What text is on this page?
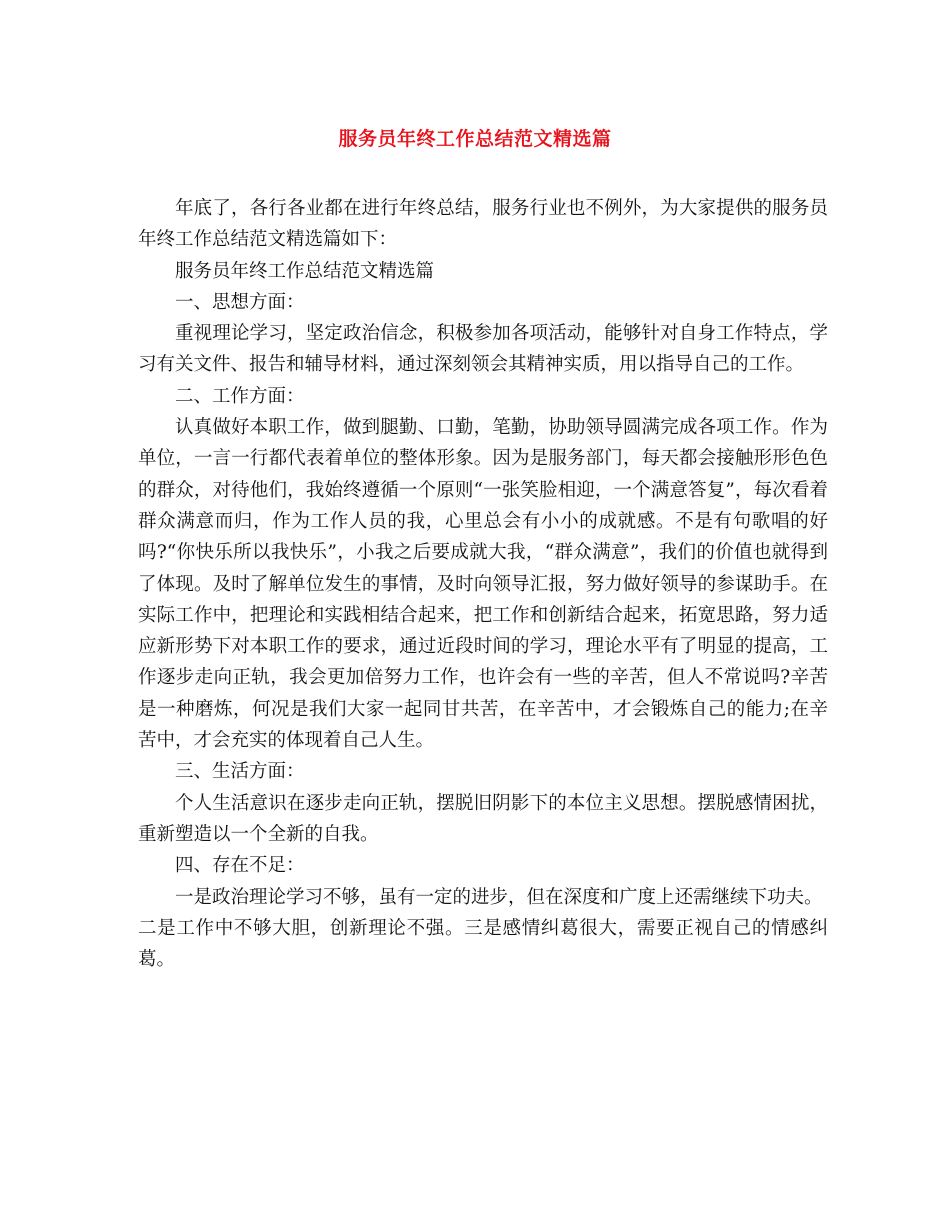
服务员年终工作总结范文精选篇

年底了，各行各业都在进行年终总结，服务行业也不例外，为大家提供的服务员年终工作总结范文精选篇如下：

服务员年终工作总结范文精选篇

一、思想方面：

重视理论学习，坚定政治信念，积极参加各项活动，能够针对自身工作特点，学习有关文件、报告和辅导材料，通过深刻领会其精神实质，用以指导自己的工作。

二、工作方面：

认真做好本职工作，做到腿勤、口勤，笔勤，协助领导圆满完成各项工作。作为单位，一言一行都代表着单位的整体形象。因为是服务部门，每天都会接触形形色色的群众，对待他们，我始终遵循一个原则“一张笑脸相迎，一个满意答复”，每次看着群众满意而归，作为工作人员的我，心里总会有小小的成就感。不是有句歌唱的好吗?“你快乐所以我快乐”，小我之后要成就大我，“群众满意”，我们的价值也就得到了体现。及时了解单位发生的事情，及时向领导汇报，努力做好领导的参谋助手。在实际工作中，把理论和实践相结合起来，把工作和创新结合起来，拓宽思路，努力适应新形势下对本职工作的要求，通过近段时间的学习，理论水平有了明显的提高，工作逐步走向正轨，我会更加倍努力工作，也许会有一些的辛苦，但人不常说吗?辛苦是一种磨炼，何况是我们大家一起同甘共苦，在辛苦中，才会锻炼自己的能力;在辛苦中，才会充实的体现着自己人生。

三、生活方面：

个人生活意识在逐步走向正轨，摆脱旧阴影下的本位主义思想。摆脱感情困扰，重新塑造以一个全新的自我。

四、存在不足：

一是政治理论学习不够，虽有一定的进步，但在深度和广度上还需继续下功夫。

二是工作中不够大胆，创新理论不强。三是感情纠葛很大，需要正视自己的情感纠葛。
